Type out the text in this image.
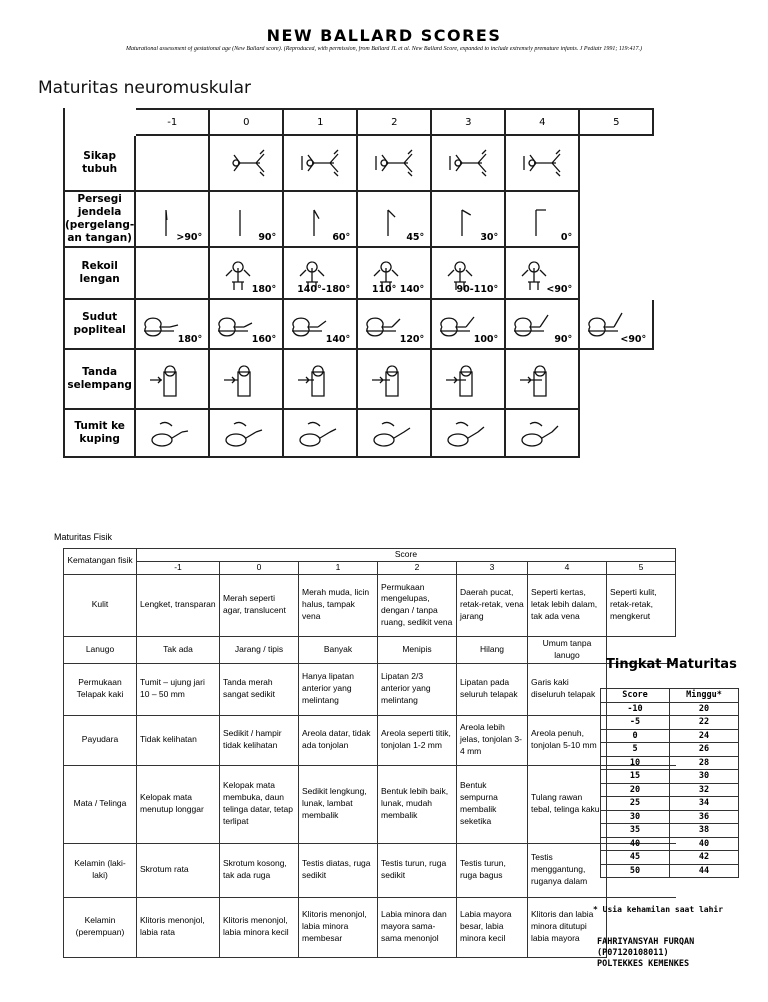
NEW BALLARD SCORES
Maturational assessment of gestational age (New Ballard score). (Reproduced, with permission, from Ballard JL et al. New Ballard Score, expanded to include extremely premature infants. J Pediatr 1991; 119:417.)
Maturitas neuromuskular
	-1	0	1	2	3	4	5
Sikap tubuh		

Persegi jendela (pergelang-an tangan)	>90°	90°	60°	45°	30°	0°	

Rekoil lengan		180°	140°-180°	110° 140°	90-110°	<90°	

Sudut popliteal	180°	160°	140°	120°	100°	90°	<90°

Tanda selempang	

Tumit ke kuping	

Maturitas Fisik
Kematangan fisik	Score						
	-1	0	1	2	3	4	5
Kulit	Lengket, transparan	Merah seperti agar, translucent	Merah muda, licin halus, tampak vena	Permukaan mengelupas, dengan / tanpa ruang, sedikit vena	Daerah pucat, retak-retak, vena jarang	Seperti kertas, letak lebih dalam, tak ada vena	Seperti kulit, retak-retak, mengkerut
Lanugo	Tak ada	Jarang / tipis	Banyak	Menipis	Hilang	Umum tanpa lanugo	
Permukaan Telapak kaki	Tumit – ujung jari 10 – 50 mm	Tanda merah sangat sedikit	Hanya lipatan anterior yang melintang	Lipatan 2/3 anterior yang melintang	Lipatan pada seluruh telapak	Garis kaki diseluruh telapak	
Payudara	Tidak kelihatan	Sedikit / hampir tidak kelihatan	Areola datar, tidak ada tonjolan	Areola seperti titik, tonjolan 1-2 mm	Areola lebih jelas, tonjolan 3-4 mm	Areola penuh, tonjolan 5-10 mm	
Mata / Telinga	Kelopak mata menutup longgar	Kelopak mata membuka, daun telinga datar, tetap terlipat	Sedikit lengkung, lunak, lambat membalik	Bentuk lebih baik, lunak, mudah membalik	Bentuk sempurna membalik seketika	Tulang rawan tebal, telinga kaku	
Kelamin (laki-laki)	Skrotum rata	Skrotum kosong, tak ada ruga	Testis diatas, ruga sedikit	Testis turun, ruga sedikit	Testis turun, ruga bagus	Testis menggantung, ruganya dalam	
Kelamin (perempuan)	Klitoris menonjol, labia rata	Klitoris menonjol, labia minora kecil	Klitoris menonjol, labia minora membesar	Labia minora dan mayora sama-sama menonjol	Labia mayora besar, labia minora kecil	Klitoris dan labia minora ditutupi labia mayora	
Tingkat Maturitas
Score	Minggu*
-10	20
-5	22
0	24
5	26
10	28
15	30
20	32
25	34
30	36
35	38
40	40
45	42
50	44
* Usia kehamilan saat lahir
FAHRIYANSYAH FURQAN
(P07120108011)
POLTEKKES KEMENKES
